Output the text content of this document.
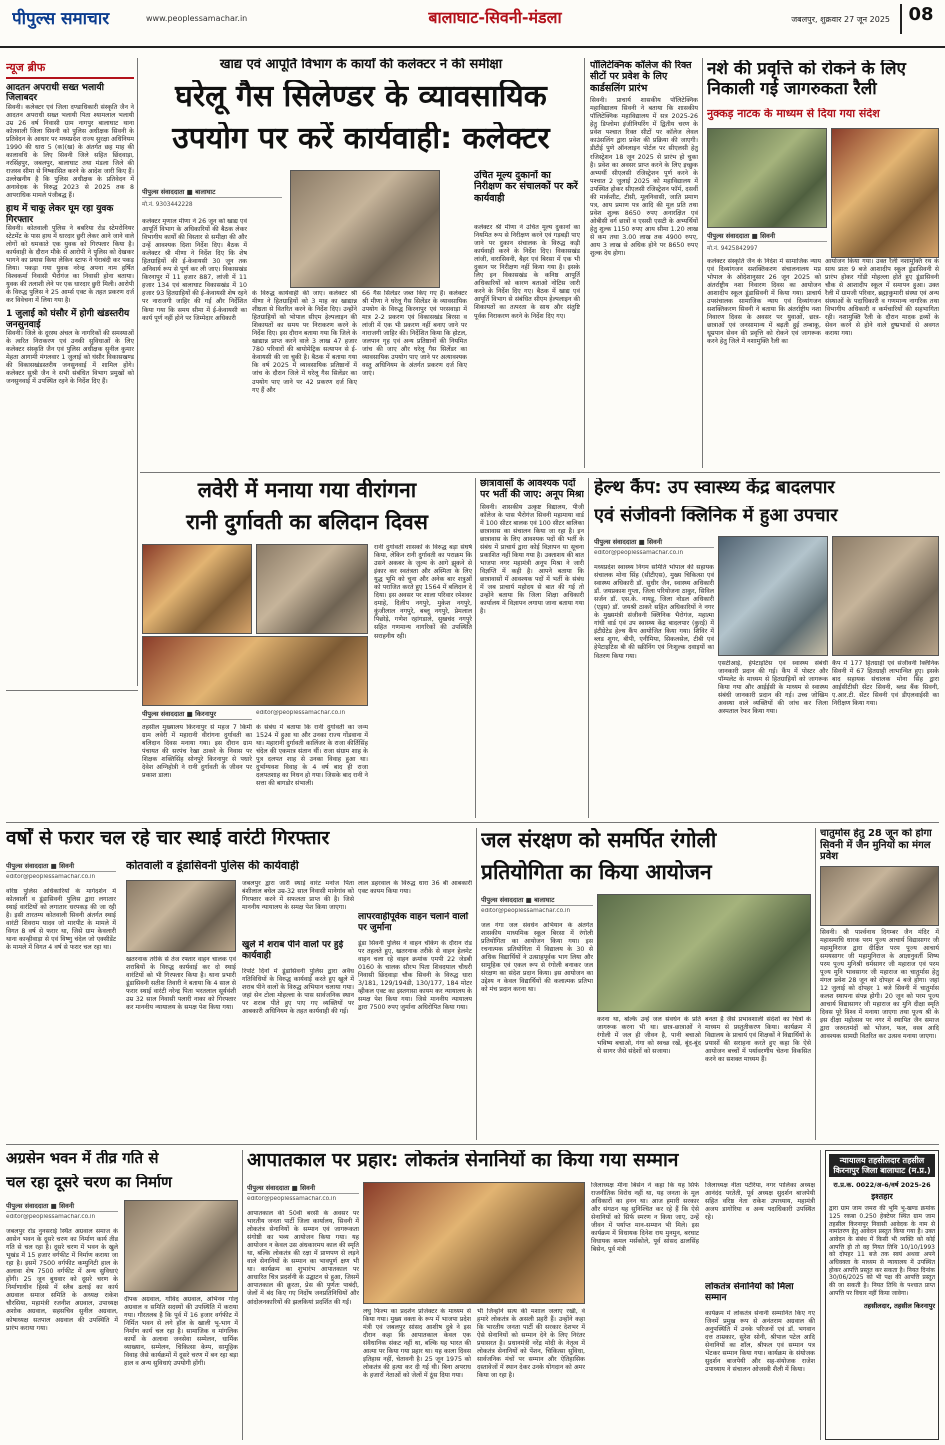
पीपुल्स समाचार	www.peoplessamachar.in	बालाघाट-सिवनी-मंडला	जबलपुर, शुक्रवार 27 जून 2025	08
न्यूज ब्रीफ
आदतन अपराधी सख्त भलायी जिलाबदर
सिवनी। कलेक्टर एवं जिला दण्डाधिकारी संस्कृति जैन ने आदतन अपराधी सख्त भलायी पिता श्यामलाल भलायी उम्र 26 वर्ष निवासी ग्राम नागपुर बालाघाट थाना कोतवाली जिला सिवनी को पुलिस अधीक्षक सिवनी के प्रतिवेदन के आधार पर मध्यप्रदेश राज्य सुरक्षा अधिनियम 1990 की धारा 5 (क)(ख) के अंतर्गत छह माह की कालावधि के लिए सिवनी जिले सहित छिंदवाड़ा, नरसिंहपुर, जबलपुर, बालाघाट तथा मंडला जिले की राजस्व सीमा से निष्कासित करने के आदेश जारी किए हैं। उल्लेखनीय है कि पुलिस अधीक्षक के प्रतिवेदन में अनावेदक के विरुद्ध 2023 से 2025 तक 8 आपराधिक मामले पंजीबद्ध हैं।
हाथ में चाकू लेकर घूम रहा युवक गिरफ्तार
सिवनी। कोतवाली पुलिस ने बबरिया रोड स्टेमरोनियर स्टेटमेंट के पास हाथ में धारदार छुरी लेकर आने जाने वाले लोगों को धमकाते एक युवक को गिरफ्तार किया है। कार्यवाही के दौरान मौके से आरोपी ने पुलिस को देखकर भागने का प्रयास किया लेकिन स्टाफ ने घेराबंदी कर पकड़ लिया। पकड़ा गया युवक नरेन्द्र अपना नाम हर्षित विश्वकर्मा निवासी भैरोगंज का निवासी होना बताया। युवक की तलाशी लेने पर एक धारदार छुरी मिली। आरोपी के विरुद्ध पुलिस ने 25 आर्म्स एक्ट के तहत प्रकरण दर्ज कर विवेचना में लिया गया है।
1 जुलाई को घंसौर में होगी खंडस्तरीय जनसुनवाई
सिवनी। जिले के दूरस्थ अंचल के नागरिकों की समस्याओं के त्वरित निराकरण एवं उनकी सुविधाओं के लिए कलेक्टर संस्कृति जैन एवं पुलिस अधीक्षक सुनील कुमार मेहता आगामी मंगलवार 1 जुलाई को घंसौर विकासखण्ड की विकासखंडस्तरीय जनसुनवाई में शामिल होंगे। कलेक्टर सुश्री जैन ने सभी संबंधित विभाग प्रमुखों को जनसुनवाई में उपस्थित रहने के निर्देश दिए हैं।
खाद्य एवं आपूर्ति विभाग के कार्यों की कलेक्टर ने की समीक्षा
घरेलू गैस सिलेण्डर के व्यावसायिक
उपयोग पर करें कार्यवाही: कलेक्टर
पीपुल्स संवाददाता ■ बालाघाट
मो.नं. 9303442228
कलेक्टर मृणाल मीणा ने 26 जून को खाद्य एवं आपूर्ति विभाग के अधिकारियों की बैठक लेकर विभागीय कार्यों की विस्तार से समीक्षा की और उन्हें आवश्यक दिशा निर्देश दिए। बैठक में कलेक्टर श्री मीणा ने निर्देश दिए कि शेष हितग्राहियों की ई-केवायसी 30 जून तक अनिवार्य रूप से पूर्ण कर ली जाए। विकासखंड किरनापुर में 11 हजार 887, लांजी में 11 हजार 134 एवं बालाघाट विकासखंड में 10 हजार 93 हितग्राहियों की ई-केवायसी शेष रहने पर नाराजगी जाहिर की गई और निर्देशित किया गया कि समय सीमा में ई-केवायसी का कार्य पूर्ण नहीं होने पर जिम्मेदार अधिकारी
के विरुद्ध कार्यवाही की जाए। कलेक्टर श्री मीणा ने हितग्राहियों को 3 माह का खाद्यान्न शीघ्रता से वितरित करने के निर्देश दिए। उन्होंने हितग्राहियों को भोपाल सीएम हेल्पलाइन की शिकायतों का समय पर निराकरण करने के निर्देश दिए। इस दौरान बताया गया कि जिले के खाद्यान्न प्राप्त करने वाले 3 लाख 47 हजार 780 परिवारों की बायोमेट्रिक सत्यापन से ई-केवायसी की जा चुकी है। बैठक में बताया गया कि वर्ष 2025 में व्यावसायिक प्रतिष्ठानों में जांच के दौरान जिले में घरेलू गैस सिलेंडर का उपयोग पाए जाने पर 42 प्रकरण दर्ज किए गए हैं और
66 गैस सिलेंडर जब्त किए गए हैं। कलेक्टर श्री मीणा ने घरेलू गैस सिलेंडर के व्यावसायिक उपयोग के विरुद्ध किरनापुर एवं परसवाड़ा में मात्र 2-2 प्रकरण एवं विकासखंड बिरसा व लांजी में एक भी प्रकरण नहीं बनाए जाने पर नाराजगी जाहिर की। निर्देशित किया कि होटल, जलपान गृह एवं अन्य प्रतिष्ठानों की नियमित जांच की जाए और घरेलू गैस सिलेंडर का व्यावसायिक उपयोग पाए जाने पर अत्यावश्यक वस्तु अधिनियम के अंतर्गत प्रकरण दर्ज किए जाएं।
उचित मूल्य दुकानों का निरीक्षण कर संचालकों पर करें कार्यवाही
कलेक्टर श्री मीणा ने उचित मूल्य दुकानों का नियमित रूप से निरीक्षण करने एवं गड़बड़ी पाए जाने पर दुकान संचालक के विरुद्ध कड़ी कार्यवाही करने के निर्देश दिए। विकासखंड लांजी, वारासिवनी, बैहर एवं बिरसा में एक भी दुकान पर निरीक्षण नहीं किया गया है। इसके लिए इन विकासखंड के कनिष्ठ आपूर्ति अधिकारियों को कारण बताओ नोटिस जारी करने के निर्देश दिए गए। बैठक में खाद्य एवं आपूर्ति विभाग से संबंधित सीएम हेल्पलाइन की शिकायतों का तत्परता के साथ और संतुष्टि पूर्वक निराकरण करने के निर्देश दिए गए।
पॉलिटेक्निक कॉलेज की रिक्त सीटों पर प्रवेश के लिए कार्डसलिंग प्रारंभ
सिवनी। प्राचार्य शासकीय पॉलिटेक्निक महाविद्यालय सिवनी ने बताया कि शासकीय पॉलिटेक्निक महाविद्यालय में सत्र 2025-26 हेतु डिप्लोमा इंजीनियरिंग में द्वितीय चरण के प्रवेश पश्चात रिक्त सीटों पर कॉलेज लेवल काउंसलिंग द्वारा प्रवेश की प्रक्रिया की जाएगी। डीटीई पुणे ऑनलाइन पोर्टल पर सीएलसी हेतु रजिस्ट्रेशन 18 जून 2025 से प्रारंभ हो चुका है। प्रवेश का अवसर प्राप्त करने के लिए इच्छुक अभ्यर्थी सीएलसी रजिस्ट्रेशन पूर्ण करने के पश्चात 2 जुलाई 2025 को महाविद्यालय में उपस्थित होकर सीएलसी रजिस्ट्रेशन फॉर्म, दसवीं की मार्कशीट, टीसी, मूलनिवासी, जाति प्रमाण पत्र, आय प्रमाण पत्र आदि की मूल प्रति तथा प्रवेश शुल्क 8650 रुपए अनारक्षित एवं ओबीसी वर्ग छात्रों व एससी एसटी के अभ्यर्थियों हेतु शुल्क 1150 रुपए आय सीमा 1.20 लाख से कम तथा 3.00 लाख तक 4900 रुपए, आय 3 लाख से अधिक होने पर 8650 रुपए शुल्क देय होगा।
नशे की प्रवृत्ति को रोकने के लिए निकाली गई जागरुकता रैली
नुक्कड़ नाटक के माध्यम से दिया गया संदेश
पीपुल्स संवाददाता ■ सिवनी
मो.नं. 9425842997
कलेक्टर संस्कृति जैन के निर्देश में सामाजिक न्याय एवं दिव्यांगजन सशक्तिकरण संचालनालय मप्र भोपाल के ओदेशानुसार 26 जून 2025 को अंतर्राष्ट्रीय नशा निवारण दिवस का आयोजन आशादीप स्कूल डूंडासिवनी में किया गया। प्राचार्य उपसंचालक सामाजिक न्याय एवं दिव्यांगजन सशक्तिकरण सिवनी ने बताया कि अंतर्राष्ट्रीय नशा निवारण दिवस के अवसर पर युवाओं, छात्र-छात्राओं एवं जनसामान्य में बढ़ती हुई तम्बाकू, धूम्रपान सेवन की प्रवृत्ति को रोकने एवं जागरूक करने हेतु जिले में नशामुक्ति रैली का
आयोजन किया गया। उक्त रैली नशामुक्ति रथ के साथ प्रातः 9 बजे आशादीप स्कूल डूंडासिवनी से प्रारंभ होकर गोंडी मोहल्ला होते हुए डूंडासिवनी चौक से आशादीप स्कूल में समापन हुआ। उक्त रैली में ग्रामजी परिवार, ब्रह्माकुमारी संस्था एवं अन्य संस्थाओं के पदाधिकारी व गणमान्य नागरिक तथा विभागीय अधिकारी व कर्मचारियों की सहभागिता रही। नशामुक्ति रैली के दौरान मादक द्रव्यों के सेवन करने से होने वाले दुष्प्रभावों से अवगत कराया गया।
लवेरी में मनाया गया वीरांगना
रानी दुर्गावती का बलिदान दिवस
पीपुल्स संवाददाता ■ किरनापुर	editor@peoplessamachar.co.in
तहसील मुख्यालय किरनापुर से महज 7 किमी ग्राम लवेरी में महारानी वीरांगना दुर्गावती का बलिदान दिवस मनाया गया। इस दौरान ग्राम पंचायत की सरपंच रेखा ठाकरे के निवास पर शिक्षक शक्तिसिंह सोनपुरे किरनापुर से पधारे देवेश अग्निहोत्री ने रानी दुर्गावती के जीवन पर प्रकाश डाला।
के संबंध में बताया कि रानी दुर्गावती का जन्म 1524 में हुआ था और उनका राज्य गोंडवाना में था। महारानी दुर्गावती कालिंजर के राजा कीर्तिसिंह चंदेल की एकमात्र संतान थीं। राजा संग्राम शाह के पुत्र दलपत शाह से उनका विवाह हुआ था। दुर्भाग्यवश विवाह के 4 वर्ष बाद ही राजा दलपतशाह का निधन हो गया। जिसके बाद रानी ने सत्ता की बागडोर संभाली।
रानी दुर्गावती शासकों के विरुद्ध बड़ा संघर्ष किया, लेकिन रानी दुर्गावती का पराक्रम कि उसने अकबर के जुल्म के आगे झुकने से इंकार कर स्वतंत्रता और अस्मिता के लिए युद्ध भूमि को चुना और अनेक बार शत्रुओं को पराजित करते हुए 1564 में बलिदान दे दिया। इस अवसर पर शाला परिवार रमेशवर दमाहे, दिलीप नगपुरे, मुकेश नगपुरे, कुंजीलाल नगपुरे, बब्लू नगपुरे, प्रेमलाल पिछोड़े, गणेश रहांगडाले, सुखचंद नगपुरे सहित गणमान्य नागरिकों की उपस्थिति सराहनीय रही।
छात्रावासों के आवश्यक पदों पर भर्ती की जाए: अनूप मिश्रा
सिवनी। शासकीय उत्कृष्ट विद्यालय, पीजी कॉलेज के पास भैरोगंज सिवनी महामाया वार्ड में 100 सीटर बालक एवं 100 सीटर बालिका छात्रावास का संचालन किया जा रहा है। इन छात्रावास के लिए आवश्यक पदों की भर्ती के संबंध में प्राचार्य द्वारा कोई विज्ञापन या सूचना प्रकाशित नहीं किया गया है। उक्ताशय की बात भाजपा नगर महामंत्री अनूप मिश्रा ने जारी विज्ञप्ति में कही है। आपने बताया कि छात्रावासों में आवश्यक पदों में भर्ती के संबंध में जब प्राचार्य महोदय से बात की गई तो उन्होंने बताया कि जिला शिक्षा अधिकारी कार्यालय में विज्ञापन लगाया जाना बताया गया है।
हेल्थ कैंप: उप स्वास्थ्य केंद्र बादलपार
एवं संजीवनी क्लिनिक में हुआ उपचार
पीपुल्स संवाददाता ■ सिवनी
editor@peoplessamachar.co.in
मध्यप्रदेश स्वास्थ्य निगम समिति भोपाल की सहायक संचालक मोना सिंह (सीटीएस), मुख्य चिकित्सा एवं स्वास्थ्य अधिकारी डॉ. सुधीर जैन, स्वास्थ्य अधिकारी डॉ. जयप्रकाश गुप्ता, जिला परियोजना ठाकुर, सिविल सर्जन डॉ. एस.के. नायडू, जिला नोडल अधिकारी (एड्स) डॉ. जयश्री ठाकरे सहित अधिकारियों ने नगर के मुख्यमंत्री संजीवनी क्लिनिक भैरोगंज, महात्मा गांधी वार्ड एवं उप स्वास्थ्य केंद्र बादलपार (कुरई) में इंटीग्रेटेड हेल्थ कैंप आयोजित किया गया। शिविर में ब्लड शुगर, बीपी, एनीमिया, सिकलसेल, टीबी एवं हेपेटाइटिस बी की स्क्रीनिंग एवं निःशुल्क दवाइयों का वितरण किया गया।
एसटीआई, हेपेटाइटिस एवं स्वास्थ्य संबंधी जानकारी प्रदान की गई। कैंप में पोस्टर और पॉम्पलेट के माध्यम से हितग्राहियों को जागरूक किया गया और आईईसी के माध्यम से स्वास्थ्य संबंधी जानकारी प्रदान की गई। उच्च जोखिम अवस्था वाले व्यक्तियों की जांच कर जिला अस्पताल रेफर किया गया।
कैंप में 177 हितग्राही एवं संजीवनी क्लिनिक सिवनी में 67 हितग्राही लाभान्वित हुए। इसके बाद सहायक संचालक मोना सिंह द्वारा आईसीटीसी सेंटर सिवनी, ब्लड बैंक सिवनी, ए.आर.टी. सेंटर सिवनी एवं डीएलवाईसी का निरीक्षण किया गया।
वर्षों से फरार चल रहे चार स्थाई वारंटी गिरफ्तार
पीपुल्स संवाददाता ■ सिवनी
editor@peoplessamachar.co.in
कोतवाली व डूंडासिवनी पुलिस की कार्यवाही
वरिष्ठ पुलिस अधिकारियों के मार्गदर्शन में कोतवाली व डूंडासिवनी पुलिस द्वारा लगातार स्थाई वारंटियों को लगातार धरपकड़ की जा रही है। इसी तारतम्य कोतवाली सिवनी अंतर्गत स्थाई वारंटी शिवराम यादव जो मारपीट के मामले में विगत 8 वर्ष से फरार था, जिसे ग्राम केवलारी थाना कान्हीवाड़ा से एवं विष्णु चंदेल जो एक्सीडेंट के मामले में विगत 4 वर्ष से फरार चल रहा था।
खतरनाक तरीके से तेज रफ्तार वाहन चालक एवं शराबियों के विरुद्ध कार्यवाई कर दो स्थाई वारंटियों को भी गिरफ्तार किया है। थाना प्रभारी डूंडासिवनी सतीश तिवारी ने बताया कि 4 साल से फरार स्थाई वारंटी नरेन्द्र पिता भरतलाल सूर्यवंशी उम्र 32 साल निवासी पलारी नाका को गिरफ्तार कर माननीय न्यायालय के समक्ष पेश किया गया।
जबलपुर द्वारा जारी स्थाई वारंट मनोज पिता बंशीलाल बघेल उम्र-32 साल निवासी मानेगांव को गिरफ्तार करने में सफलता प्राप्त की है। जिसे माननीय न्यायालय के समक्ष पेश किया जाएगा।
खुले में शराब पीने वालों पर हुई कार्यवाही
रिपोर्ट दिनों में डूंडासिवनी पुलिस द्वारा अवैध गतिविधियों के विरुद्ध कार्यवाई करते हुए खुले में शराब पीने वालों के विरुद्ध अभियान चलाया गया। जहां सेन टोला मोहल्ला के पास सार्वजनिक स्थान पर शराब पीते हुए पाए गए व्यक्तियों पर आबकारी अधिनियम के तहत कार्यवाही की गई।
लाल डहरवाल के विरुद्ध धारा 36 बी आबकारी एक्ट कायम किया गया।
लापरवाहीपूर्वक वाहन चलाने वालों पर जुर्माना
डूंडा सिवनी पुलिस ने वाहन चेकिंग के दौरान रोड पर तहलते हुए, खतरनाक तरीके से वाहन हेलमेट वाहन चला रहे वाहन क्रमांक एमपी 22 जेडबी 0160 के चालक सौरभ पिता शिवदयाल चौधरी निवासी छिंदवाड़ा चौक सिवनी के विरुद्ध धारा 3/181, 129/194डी, 130/177, 184 मोटर व्हीकल एक्ट का इस्तगासा कायम कर न्यायालय के समक्ष पेश किया गया। जिसे माननीय न्यायालय द्वारा 7500 रुपए जुर्माना अधिरोपित किया गया।
जल संरक्षण को समर्पित रंगोली
प्रतियोगिता का किया आयोजन
पीपुल्स संवाददाता ■ बालाघाट
editor@peoplessamachar.co.in
जल गंगा जल संवर्धन अभियान के अंतर्गत शासकीय माध्यमिक स्कूल बिरसा में रंगोली प्रतियोगिता का आयोजन किया गया। इस रचनात्मक प्रतियोगिता में विद्यालय के 30 से अधिक विद्यार्थियों ने उत्साहपूर्वक भाग लिया और सामूहिक एवं एकल रूप से रंगोली बनाकर जल संरक्षण का संदेश प्रदान किया। इस आयोजन का उद्देश्य न केवल विद्यार्थियों की कलात्मक प्रतिभा को मंच प्रदान करना था।
करना था, बल्कि उन्हें जल संवर्धन के प्रति जागरूक करना भी था। छात्र-छात्राओं ने रंगोली में जल ही जीवन है, पानी बचाओ भविष्य बचाओ, गंगा को स्वच्छ रखें, बूंद-बूंद से सागर जैसे संदेशों को सजाया।
बनता है जैसे प्रभावशाली संदेशों का चित्रों के माध्यम से प्रस्तुतीकरण किया। कार्यक्रम में विद्यालय के प्राचार्य एवं शिक्षकों ने विद्यार्थियों के प्रयासों की सराहना करते हुए कहा कि ऐसे आयोजन बच्चों में पर्यावरणीय चेतना विकसित करने का सशक्त माध्यम हैं।
चातुर्मास हेतु 28 जून को होगा सिवनी में जैन मुनियों का मंगल प्रवेश
सिवनी। श्री पार्श्वनाथ दिगम्बर जैन मंदिर में महासमाधि धारक परम पूज्य आचार्य विद्यासागर जी महामुनिराज द्वारा दीक्षित परम पूज्य आचार्य समयसागर जी महामुनिराज के आज्ञानुवर्ती शिष्य परम पूज्य मुनिश्री धर्मसागर जी महाराज एवं परम पूज्य मुनि भावसागर जी महाराज का चातुर्मास हेतु मंगल प्रवेश 28 जून को दोपहर 4 बजे होगा। जहां 12 जुलाई को दोपहर 1 बजे सिवनी में चातुर्मास कलश स्थापना संपन्न होगी। 20 जून को परम पूज्य आचार्य विद्यासागर जी महाराज का मुनि दीक्षा स्मृति दिवस पूरे विश्व में मनाया जाएगा तथा पूज्य श्री के इस दीक्षा महोत्सव पर नगर में स्थापित जैन समाज द्वारा जरुरतमंदों को भोजन, फल, वस्त्र आदि आवश्यक सामग्री वितरित कर उत्सव मनाया जाएगा।
अग्रसेन भवन में तीव्र गति से
चल रहा दूसरे चरण का निर्माण
पीपुल्स संवाददाता ■ सिवनी
editor@peoplessamachar.co.in
जबलपुर रोड नुनसराई स्थित अग्रवाल समाज के आसेन भवन के दूसरे चरण का निर्माण कार्य तीव्र गति से चल रहा है। दूसरे चरण में भवन के खुले भूखंड में 15 हजार वर्गफीट में निर्माण कराया जा रहा है। इसमें 7500 वर्गफीट कम्युनिटी हाल के अलावा शेष 7500 वर्गफीट में अन्य सुविधाएं होंगी। 25 जून बुधवार को दूसरे चरण के निर्माणाधीन हिस्से में स्लैब ढलाई का कार्य अग्रवाल समाज समिति के अध्यक्ष राकेश चौरसिया, महामंत्री रजनीश अग्रवाल, उपाध्यक्ष अशोक अग्रवाल, सहसचिव सुनील अग्रवाल, कोषाध्यक्ष सतपाल अग्रवाल की उपस्थिति में प्रारंभ कराया गया।
दीपक अग्रवाल, गोविंद अग्रवाल, अभिनव गोलू अग्रवाल व समिति सदस्यों की उपस्थिति में कराया गया। गौरतलब है कि पूर्व में 16 हजार वर्गफीट में निर्मित भवन से लगे हॉल के खाली भू-भाग में निर्माण कार्य चल रहा है। सामाजिक व मांगलिक कार्यों के अलावा जनसेवा सम्मेलन, धार्मिक व्याख्यान, सम्मेलन, चिकित्सा केम्प, सामूहिक विवाह जैसे कार्यक्रमों में दूसरे चरण में बन रहा बड़ा हाल व अन्य सुविधाएं उपयोगी होंगी।
आपातकाल पर प्रहार: लोकतंत्र सेनानियों का किया गया सम्मान
पीपुल्स संवाददाता ■ सिवनी
editor@peoplessamachar.co.in
आपातकाल की 50वीं बरसी के अवसर पर भारतीय जनता पार्टी जिला कार्यालय, सिवनी में लोकतंत्र सेनानियों के सम्मान एवं जागरूकता संगोष्ठी का भव्य आयोजन किया गया। यह आयोजन न केवल उस अंधकारमय काल की स्मृति था, बल्कि लोकतंत्र की रक्षा में प्राणपण से लड़ने वाले सेनानियों के सम्मान का भावपूर्ण क्षण भी था। कार्यक्रम का शुभारंभ आपातकाल पर आधारित चित्र प्रदर्शनी के उद्घाटन से हुआ, जिसमें आपातकाल की क्रूरता, प्रेस की पूर्णतः पाबंदी, जेलों में बंद किए गए निर्दोष जनप्रतिनिधियों और आंदोलनकारियों की झलकियां प्रदर्शित की गईं।
लघु फिल्म का प्रदर्शन प्रोजेक्टर के माध्यम से किया गया। मुख्य वक्ता के रूप में भाजपा प्रदेश मंत्री एवं जबलपुर सांसद आशीष दुबे ने इस दौरान कहा कि आपातकाल केवल एक संवैधानिक संकट नहीं था, बल्कि यह भारत की आत्मा पर किया गया प्रहार था। यह काला दिवस इतिहास नहीं, चेतावनी है। 25 जून 1975 को लोकतंत्र की हत्या कर दी गई थी। बिना अपराध के हजारों नेताओं को जेलों में ठूंस दिया गया।
भी जिन्होंने सत्य की मशाल जलाए रखी, वे हमारे लोकतंत्र के असली प्रहरी हैं। उन्होंने कहा कि भारतीय जनता पार्टी की सरकार देशभर में ऐसे सेनानियों को सम्मान देने के लिए निरंतर प्रयासरत है। प्रधानमंत्री नरेंद्र मोदी के नेतृत्व में लोकतंत्र सेनानियों को पेंशन, चिकित्सा सुविधा, सार्वजनिक मंचों पर सम्मान और ऐतिहासिक दस्तावेजों में स्थान देकर उनके योगदान को अमर किया जा रहा है।
जिलाध्यक्ष मीना बिसेन ने कहा कि यह सिर्फ राजनीतिक विरोध नहीं था, यह जनता के मूल अधिकारों का हनन था। आज हमारी सरकार और संगठन यह सुनिश्चित कर रहे हैं कि ऐसे सेनानियों को सिर्फ स्मरण न किया जाए, उन्हें जीवन में पर्याप्त मान-सम्मान भी मिले। इस कार्यक्रम में विधायक दिनेश राय मुनमुन, बरघाट विधायक कमल मर्सकोले, पूर्व सांसद ढालसिंह बिसेन, पूर्व मंत्री
जिलाध्यक्ष नीता पटेरिया, नगर पालिका अध्यक्ष आनंदंद परतेती, पूर्व अध्यक्ष सुदर्शन बाजपेयी सहित वरिष्ठ नेता राकेश उपाध्याय, महामंत्री अजय डागोरिया व अन्य पदाधिकारी उपस्थित रहे।
लोकतंत्र सेनानियों को मिला सम्मान
कार्यक्रम में लोकतंत्र सेनानी सम्मानित किए गए जिनमें प्रमुख रूप से अनंतराम अग्रवाल की अनुपस्थिति में उनके परिजनों एवं डॉ. भगवान दत्त ताम्रकार, सुरेश सोनी, श्रीपाल पटेल आदि सेनानियों का शॉल, श्रीफल एवं सम्मान पत्र भेंटकर सम्मान किया गया। कार्यक्रम के संयोजक सुदर्शन बाजपेयी और सह-संयोजक राजेश उपाध्याय ने संचालन ओजस्वी शैली में किया।
न्यायालय तहसीलदार तहसील किरनापुर जिला बालाघाट (म.प्र.)
रा.प्र.क. 0022/अ-6/वर्ष 2025-26
इश्तहार
द्वारा ग्राम जाम जमरा की भूमि भू-खण्ड क्रमांक 125 रकबा 0.250 हेक्टेयर स्थित ग्राम जाम तहसील किरनापुर निवासी आवेदक के नाम से नामांतरण हेतु आवेदन प्रस्तुत किया गया है। उक्त आवेदन के संबंध में किसी भी व्यक्ति को कोई आपत्ति हो तो वह नियत तिथि 10/10/1993 को दोपहर 11 बजे तक स्वयं अथवा अपने अधिवक्ता के माध्यम से न्यायालय में उपस्थित होकर आपत्ति प्रस्तुत कर सकता है। नियत दिनांक 30/06/2025 को भी पक्ष की आपत्ति प्रस्तुत की जा सकती है। नियत तिथि के पश्चात प्राप्त आपत्ति पर विचार नहीं किया जावेगा।
तहसीलदार, तहसील किरनापुर
